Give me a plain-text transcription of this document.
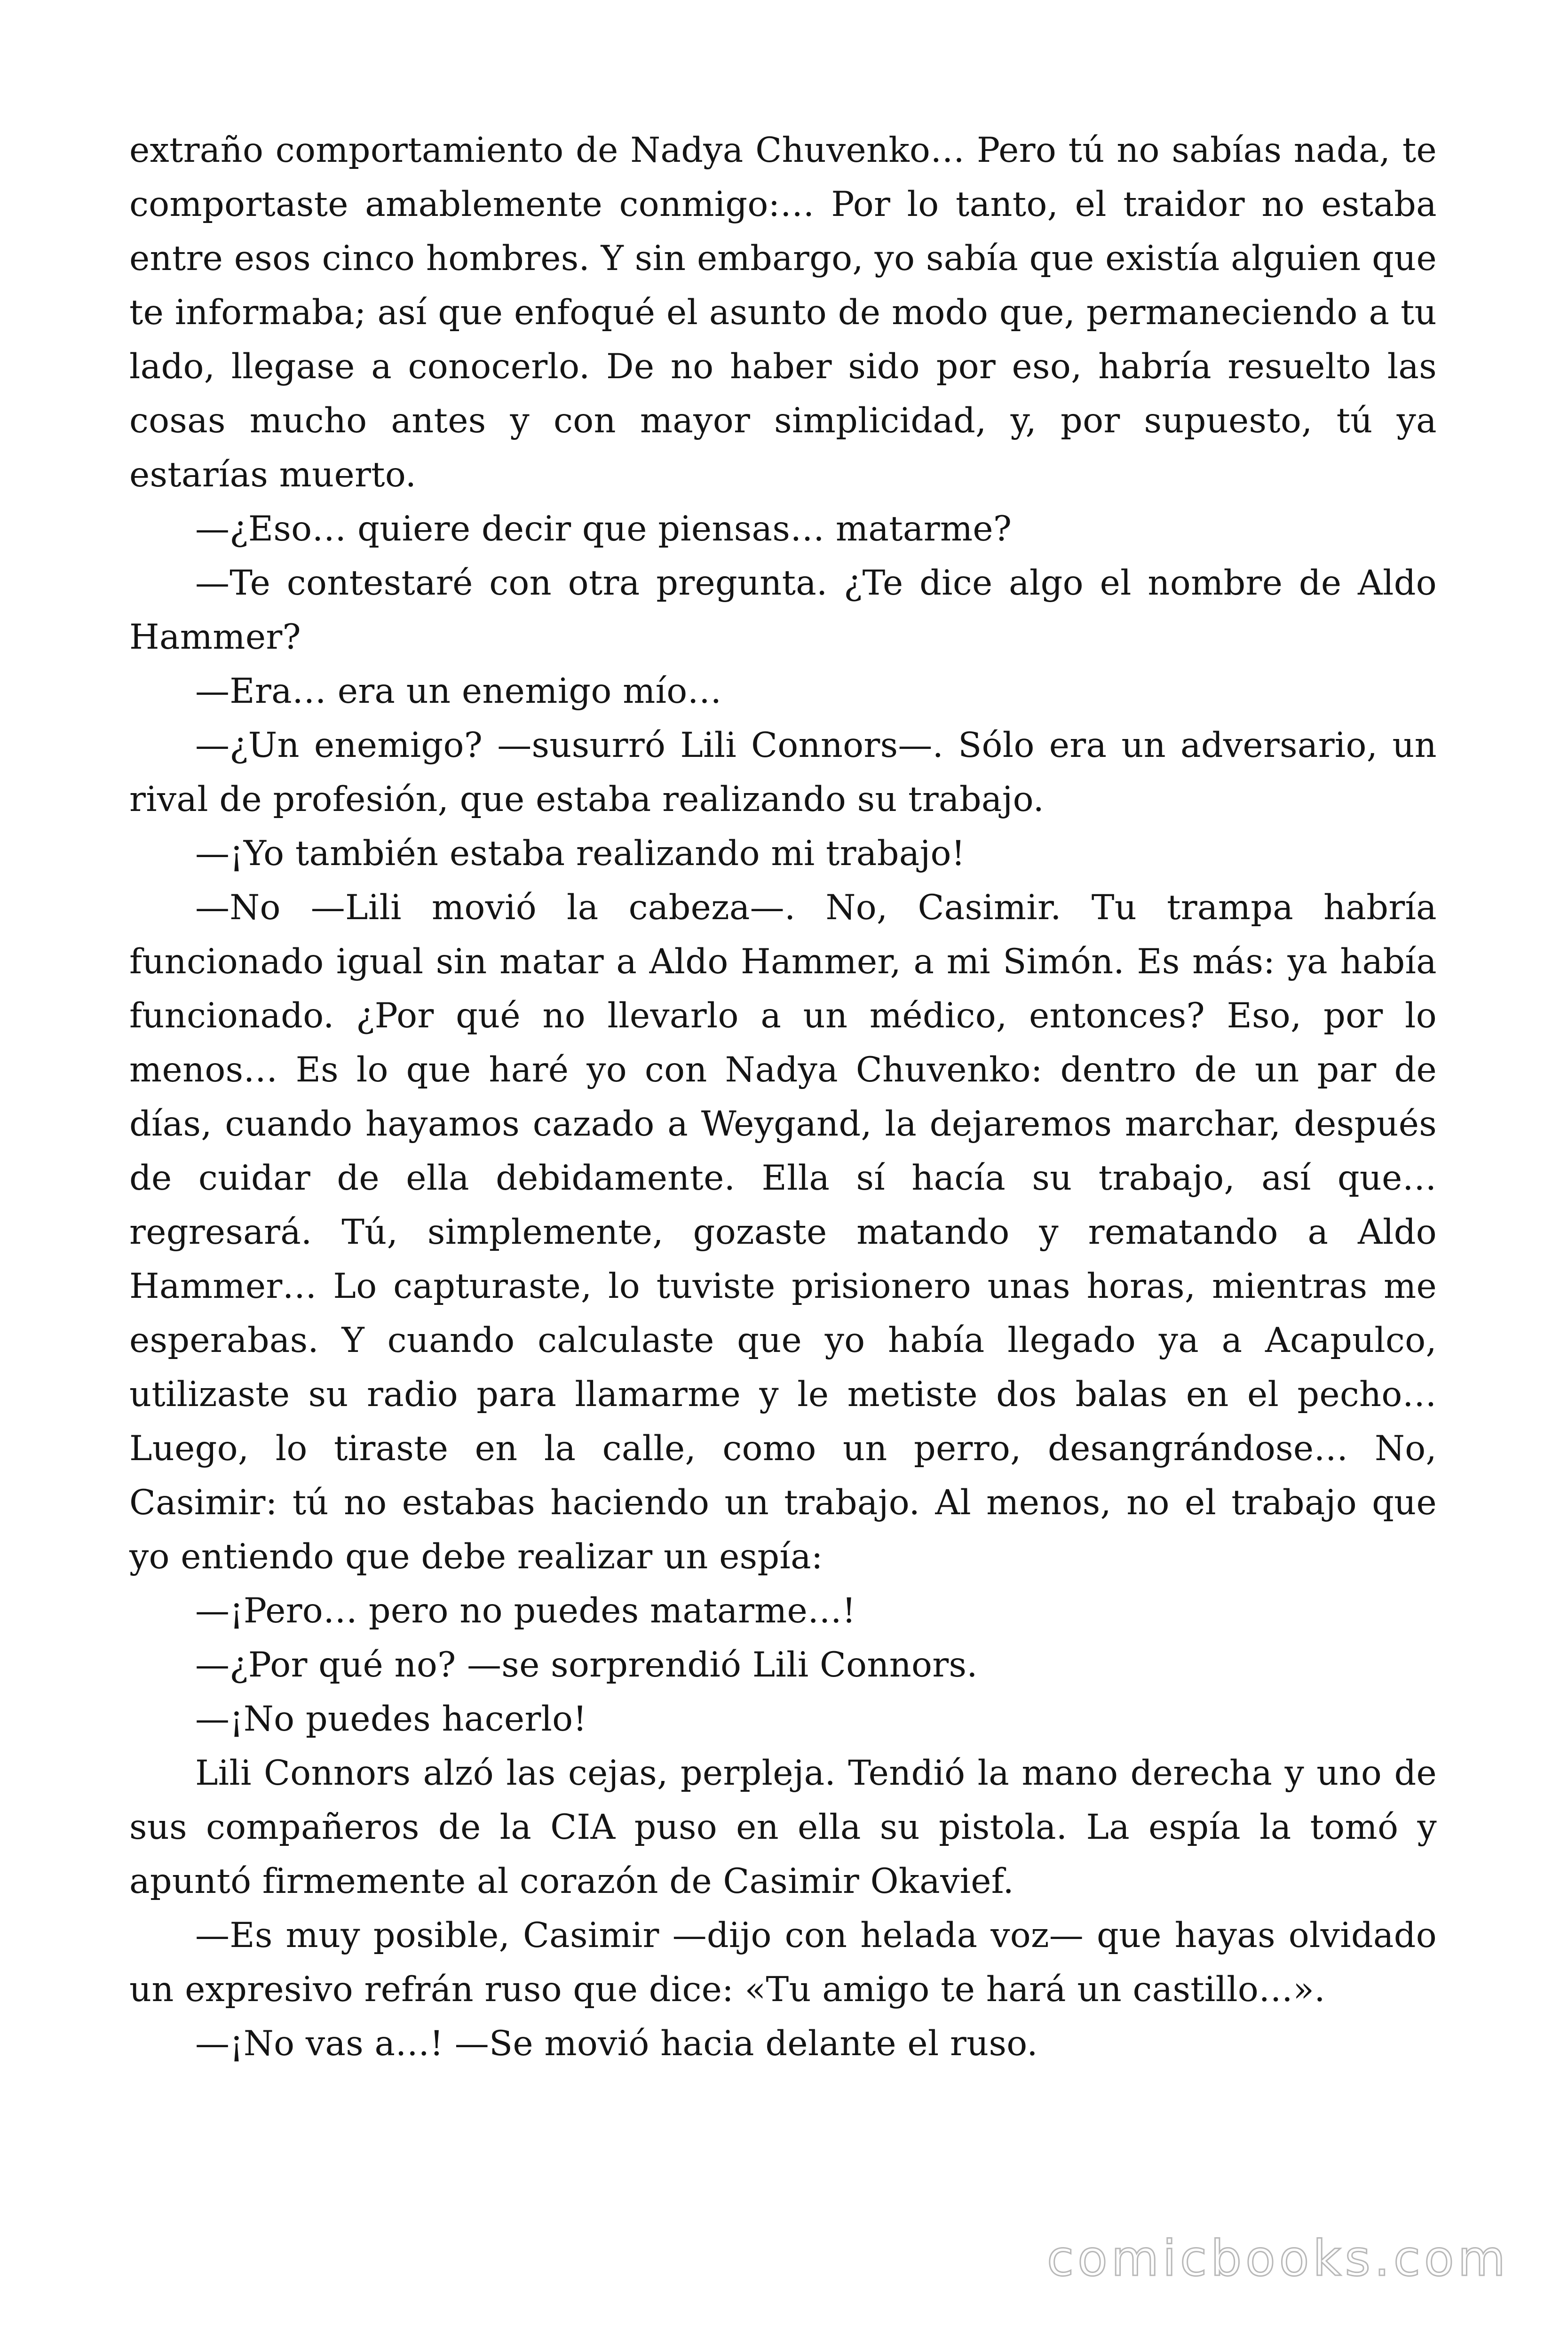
extraño comportamiento de Nadya Chuvenko… Pero tú no sabías nada, te comportaste amablemente conmigo:… Por lo tanto, el traidor no estaba entre esos cinco hombres. Y sin embargo, yo sabía que existía alguien que te informaba; así que enfoqué el asunto de modo que, permaneciendo a tu lado, llegase a conocerlo. De no haber sido por eso, habría resuelto las cosas mucho antes y con mayor simplicidad, y, por supuesto, tú ya estarías muerto.

—¿Eso… quiere decir que piensas… matarme?

—Te contestaré con otra pregunta. ¿Te dice algo el nombre de Aldo Hammer?

—Era… era un enemigo mío…

—¿Un enemigo? —susurró Lili Connors—. Sólo era un adversario, un rival de profesión, que estaba realizando su trabajo.

—¡Yo también estaba realizando mi trabajo!

—No —Lili movió la cabeza—. No, Casimir. Tu trampa habría funcionado igual sin matar a Aldo Hammer, a mi Simón. Es más: ya había funcionado. ¿Por qué no llevarlo a un médico, entonces? Eso, por lo menos… Es lo que haré yo con Nadya Chuvenko: dentro de un par de días, cuando hayamos cazado a Weygand, la dejaremos marchar, después de cuidar de ella debidamente. Ella sí hacía su trabajo, así que… regresará. Tú, simplemente, gozaste matando y rematando a Aldo Hammer… Lo capturaste, lo tuviste prisionero unas horas, mientras me esperabas. Y cuando calculaste que yo había llegado ya a Acapulco, utilizaste su radio para llamarme y le metiste dos balas en el pecho… Luego, lo tiraste en la calle, como un perro, desangrándose… No, Casimir: tú no estabas haciendo un trabajo. Al menos, no el trabajo que yo entiendo que debe realizar un espía:

—¡Pero… pero no puedes matarme…!

—¿Por qué no? —se sorprendió Lili Connors.

—¡No puedes hacerlo!

Lili Connors alzó las cejas, perpleja. Tendió la mano derecha y uno de sus compañeros de la CIA puso en ella su pistola. La espía la tomó y apuntó firmemente al corazón de Casimir Okavief.

—Es muy posible, Casimir —dijo con helada voz— que hayas olvidado un expresivo refrán ruso que dice: «Tu amigo te hará un castillo…».

—¡No vas a…! —Se movió hacia delante el ruso.

comicbooks.com
